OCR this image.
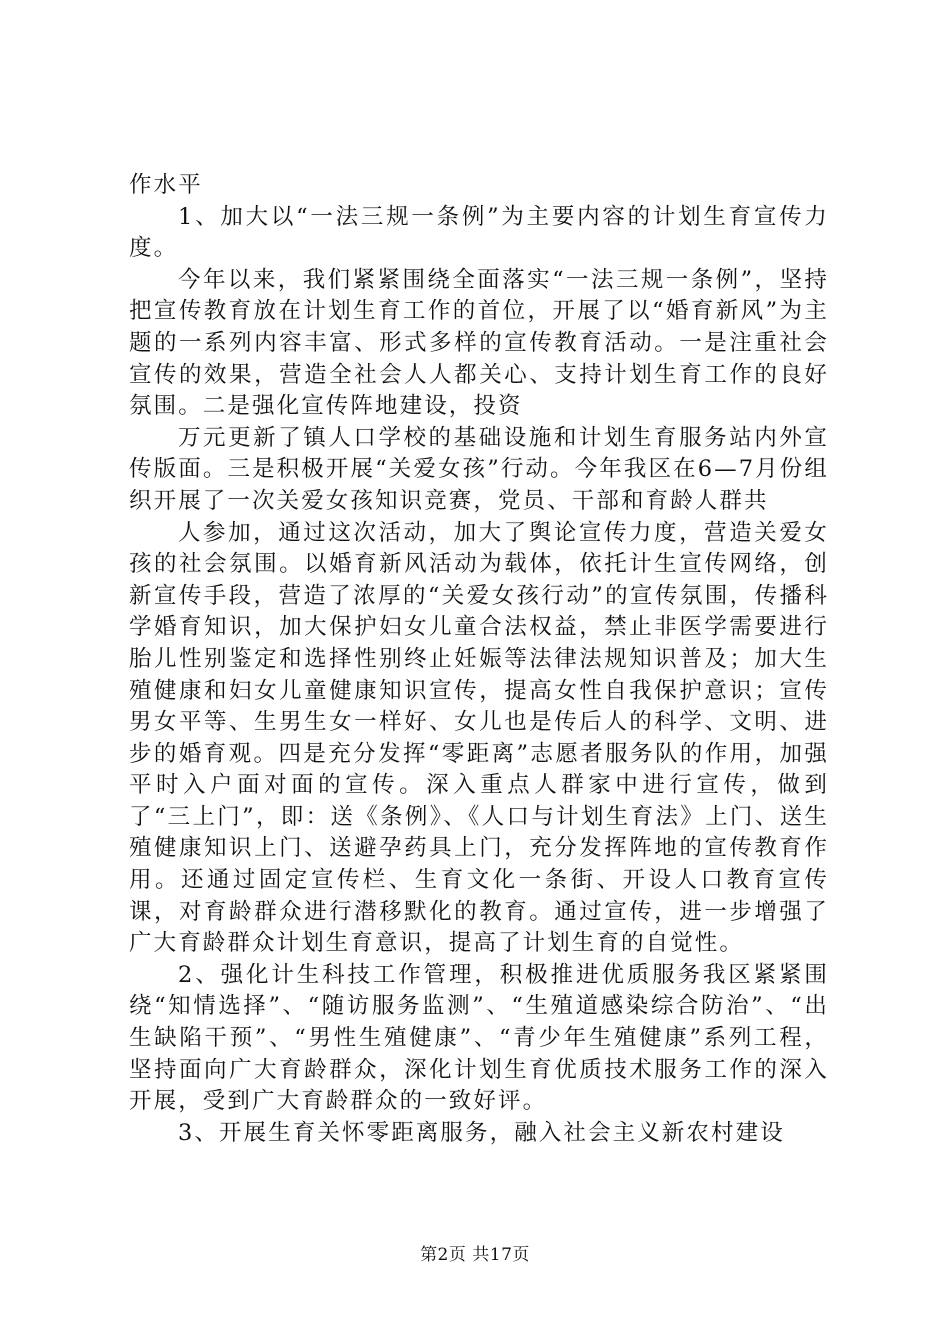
作水平

1、加大以“一法三规一条例”为主要内容的计划生育宣传力度。

今年以来，我们紧紧围绕全面落实“一法三规一条例”，坚持把宣传教育放在计划生育工作的首位，开展了以“婚育新风”为主题的一系列内容丰富、形式多样的宣传教育活动。一是注重社会宣传的效果，营造全社会人人都关心、支持计划生育工作的良好氛围。二是强化宣传阵地建设，投资

万元更新了镇人口学校的基础设施和计划生育服务站内外宣传版面。三是积极开展“关爱女孩”行动。今年我区在6—7月份组织开展了一次关爱女孩知识竞赛，党员、干部和育龄人群共

人参加，通过这次活动，加大了舆论宣传力度，营造关爱女孩的社会氛围。以婚育新风活动为载体，依托计生宣传网络，创新宣传手段，营造了浓厚的“关爱女孩行动”的宣传氛围，传播科学婚育知识，加大保护妇女儿童合法权益，禁止非医学需要进行胎儿性别鉴定和选择性别终止妊娠等法律法规知识普及；加大生殖健康和妇女儿童健康知识宣传，提高女性自我保护意识；宣传男女平等、生男生女一样好、女儿也是传后人的科学、文明、进步的婚育观。四是充分发挥“零距离”志愿者服务队的作用，加强平时入户面对面的宣传。深入重点人群家中进行宣传，做到了“三上门”，即：送《条例》、《人口与计划生育法》上门、送生殖健康知识上门、送避孕药具上门，充分发挥阵地的宣传教育作用。还通过固定宣传栏、生育文化一条街、开设人口教育宣传课，对育龄群众进行潜移默化的教育。通过宣传，进一步增强了广大育龄群众计划生育意识，提高了计划生育的自觉性。

2、强化计生科技工作管理，积极推进优质服务我区紧紧围绕“知情选择”、“随访服务监测”、“生殖道感染综合防治”、“出生缺陷干预”、“男性生殖健康”、“青少年生殖健康”系列工程，坚持面向广大育龄群众，深化计划生育优质技术服务工作的深入开展，受到广大育龄群众的一致好评。

3、开展生育关怀零距离服务，融入社会主义新农村建设

第2页 共17页
